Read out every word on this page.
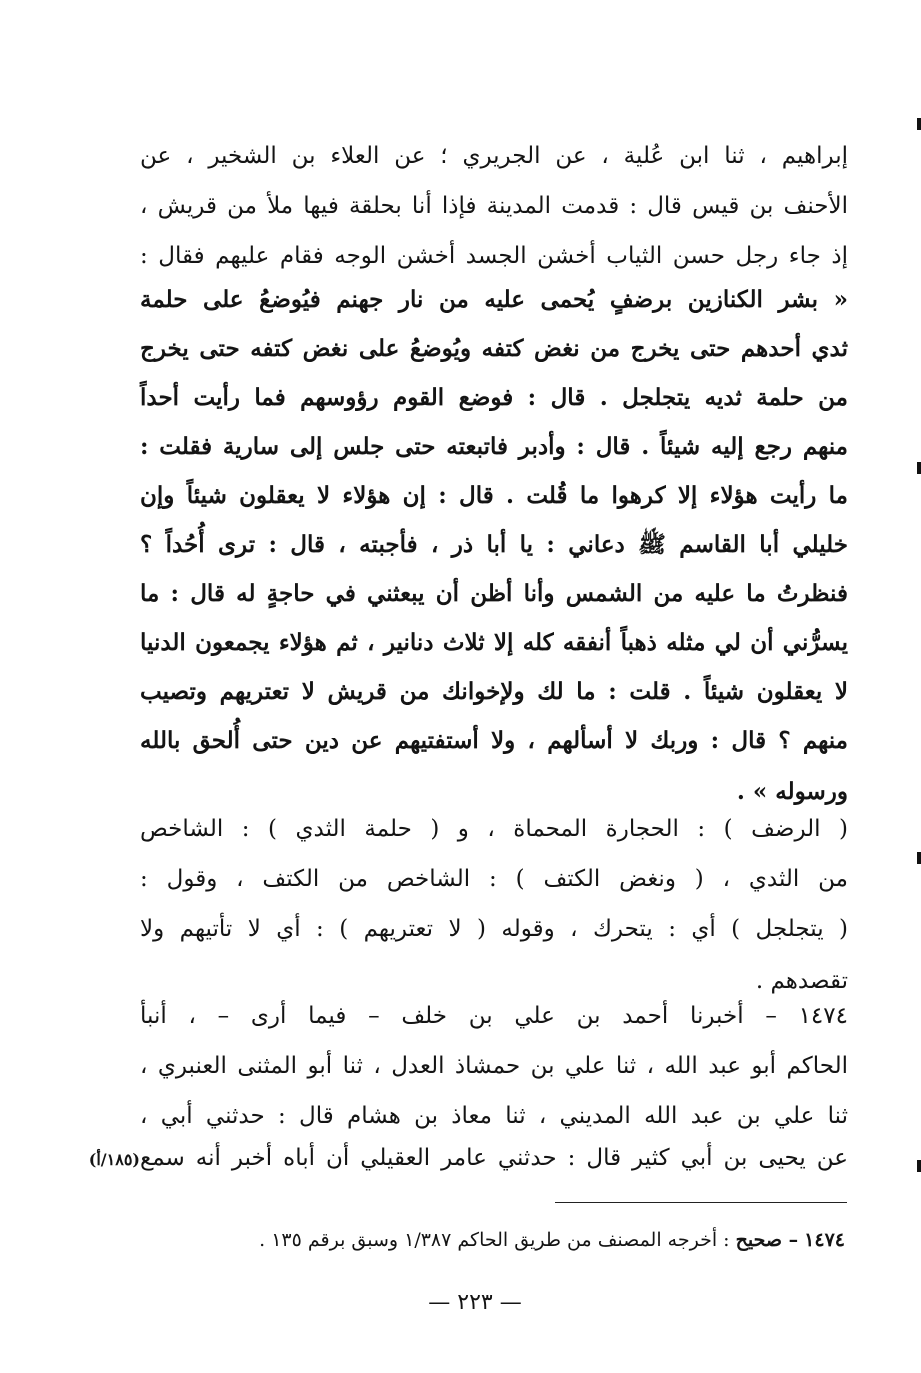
إبراهيم ، ثنا ابن عُلية ، عن الجريري ؛ عن العلاء بن الشخير ، عن
الأحنف بن قيس قال : قدمت المدينة فإذا أنا بحلقة فيها ملأ من قريش ،
إذ جاء رجل حسن الثياب أخشن الجسد أخشن الوجه فقام عليهم فقال :
« بشر الكنازين برضفٍ يُحمى عليه من نار جهنم فيُوضعُ على حلمة
ثدي أحدهم حتى يخرج من نغض كتفه ويُوضعُ على نغض كتفه حتى يخرج
من حلمة ثديه يتجلجل . قال : فوضع القوم رؤوسهم فما رأيت أحداً
منهم رجع إليه شيئاً . قال : وأدبر فاتبعته حتى جلس إلى سارية فقلت :
ما رأيت هؤلاء إلا كرهوا ما قُلت . قال : إن هؤلاء لا يعقلون شيئاً وإن
خليلي أبا القاسم ﷺ دعاني : يا أبا ذر ، فأجبته ، قال : ترى أُحُداً ؟
فنظرتُ ما عليه من الشمس وأنا أظن أن يبعثني في حاجةٍ له قال : ما
يسرُّني أن لي مثله ذهباً أنفقه كله إلا ثلاث دنانير ، ثم هؤلاء يجمعون الدنيا
لا يعقلون شيئاً . قلت : ما لك ولإخوانك من قريش لا تعتريهم وتصيب
منهم ؟ قال : وربك لا أسألهم ، ولا أستفتيهم عن دين حتى أُلحق بالله
ورسوله » .
( الرضف ) : الحجارة المحماة ، و ( حلمة الثدي ) : الشاخص
من الثدي ، ( ونغض الكتف ) : الشاخص من الكتف ، وقول :
( يتجلجل ) أي : يتحرك ، وقوله ( لا تعتريهم ) : أي لا تأتيهم ولا
تقصدهم .
١٤٧٤ – أخبرنا أحمد بن علي بن خلف – فيما أرى – ، أنبأ
الحاكم أبو عبد الله ، ثنا علي بن حمشاذ العدل ، ثنا أبو المثنى العنبري ،
ثنا علي بن عبد الله المديني ، ثنا معاذ بن هشام قال : حدثني أبي ،
عن يحيى بن أبي كثير قال : حدثني عامر العقيلي أن أباه أخبر أنه سمع
(١٨٥/أ)
١٤٧٤ – صحيح : أخرجه المصنف من طريق الحاكم ١/٣٨٧ وسبق برقم ١٣٥ .
— ٢٢٣ —
